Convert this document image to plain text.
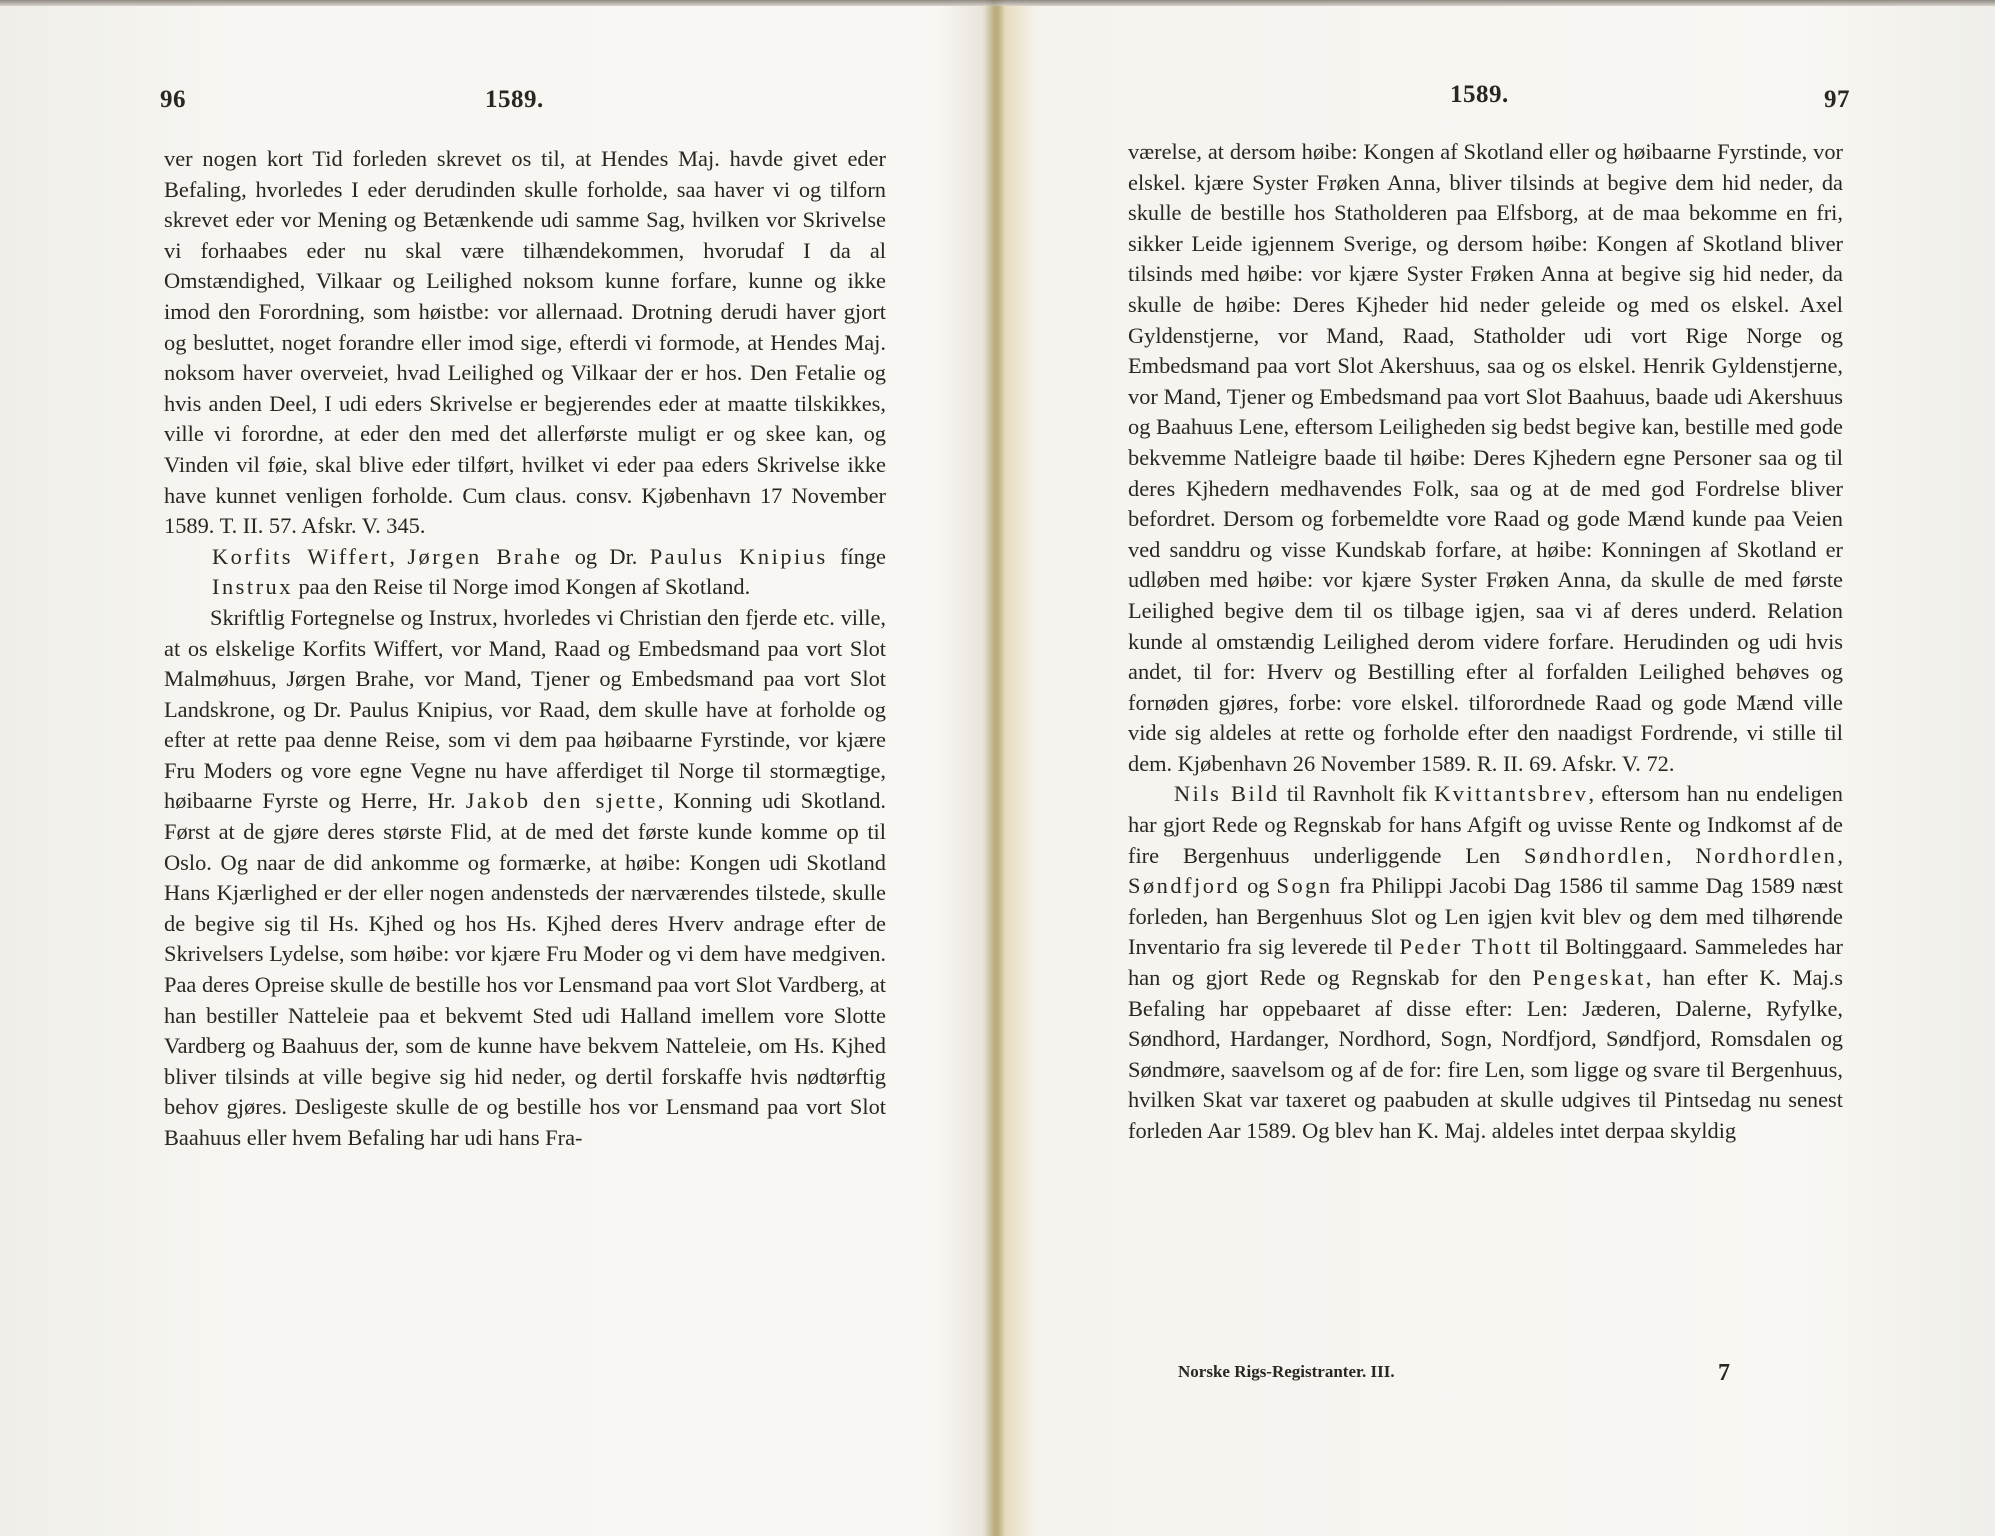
96	1589.

ver nogen kort Tid forleden skrevet os til, at Hendes Maj. havde givet eder Befaling, hvorledes I eder derudinden skulle forholde, saa haver vi og tilforn skrevet eder vor Mening og Betænkende udi samme Sag, hvilken vor Skrivelse vi forhaabes eder nu skal være tilhændekommen, hvorudaf I da al Omstændighed, Vilkaar og Leilighed noksom kunne forfare, kunne og ikke imod den Forordning, som høistbe: vor allernaad. Drotning derudi haver gjort og besluttet, noget forandre eller imod sige, efterdi vi formode, at Hendes Maj. noksom haver overveiet, hvad Leilighed og Vilkaar der er hos. Den Fetalie og hvis anden Deel, I udi eders Skrivelse er begjerendes eder at maatte tilskikkes, ville vi forordne, at eder den med det allerførste muligt er og skee kan, og Vinden vil føie, skal blive eder tilført, hvilket vi eder paa eders Skrivelse ikke have kunnet venligen forholde. Cum claus. consv. Kjøbenhavn 17 November 1589. T. II. 57. Afskr. V. 345.

Korfits Wiffert, Jørgen Brahe og Dr. Paulus Knipius fínge Instrux paa den Reise til Norge imod Kongen af Skotland.

Skriftlig Fortegnelse og Instrux, hvorledes vi Christian den fjerde etc. ville, at os elskelige Korfits Wiffert, vor Mand, Raad og Embedsmand paa vort Slot Malmøhuus, Jørgen Brahe, vor Mand, Tjener og Embedsmand paa vort Slot Landskrone, og Dr. Paulus Knipius, vor Raad, dem skulle have at forholde og efter at rette paa denne Reise, som vi dem paa høibaarne Fyrstinde, vor kjære Fru Moders og vore egne Vegne nu have afferdiget til Norge til stormægtige, høibaarne Fyrste og Herre, Hr. Jakob den sjette, Konning udi Skotland. Først at de gjøre deres største Flid, at de med det første kunde komme op til Oslo. Og naar de did ankomme og formærke, at høibe: Kongen udi Skotland Hans Kjærlighed er der eller nogen andensteds der nærværendes tilstede, skulle de begive sig til Hs. Kjhed og hos Hs. Kjhed deres Hverv andrage efter de Skrivelsers Lydelse, som høibe: vor kjære Fru Moder og vi dem have medgiven. Paa deres Opreise skulle de bestille hos vor Lensmand paa vort Slot Vardberg, at han bestiller Natteleie paa et bekvemt Sted udi Halland imellem vore Slotte Vardberg og Baahuus der, som de kunne have bekvem Natteleie, om Hs. Kjhed bliver tilsinds at ville begive sig hid neder, og dertil forskaffe hvis nødtørftig behov gjøres. Desligeste skulle de og bestille hos vor Lensmand paa vort Slot Baahuus eller hvem Befaling har udi hans Fra-

1589.	97

værelse, at dersom høibe: Kongen af Skotland eller og høibaarne Fyrstinde, vor elskel. kjære Syster Frøken Anna, bliver tilsinds at begive dem hid neder, da skulle de bestille hos Statholderen paa Elfsborg, at de maa bekomme en fri, sikker Leide igjennem Sverige, og dersom høibe: Kongen af Skotland bliver tilsinds med høibe: vor kjære Syster Frøken Anna at begive sig hid neder, da skulle de høibe: Deres Kjheder hid neder geleide og med os elskel. Axel Gyldenstjerne, vor Mand, Raad, Statholder udi vort Rige Norge og Embedsmand paa vort Slot Akershuus, saa og os elskel. Henrik Gyldenstjerne, vor Mand, Tjener og Embedsmand paa vort Slot Baahuus, baade udi Akershuus og Baahuus Lene, eftersom Leiligheden sig bedst begive kan, bestille med gode bekvemme Natleigre baade til høibe: Deres Kjhedern egne Personer saa og til deres Kjhedern medhavendes Folk, saa og at de med god Fordrelse bliver befordret. Dersom og forbemeldte vore Raad og gode Mænd kunde paa Veien ved sanddru og visse Kundskab forfare, at høibe: Konningen af Skotland er udløben med høibe: vor kjære Syster Frøken Anna, da skulle de med første Leilighed begive dem til os tilbage igjen, saa vi af deres underd. Relation kunde al omstændig Leilighed derom videre forfare. Herudinden og udi hvis andet, til for: Hverv og Bestilling efter al forfalden Leilighed behøves og fornøden gjøres, forbe: vore elskel. tilforordnede Raad og gode Mænd ville vide sig aldeles at rette og forholde efter den naadigst Fordrende, vi stille til dem. Kjøbenhavn 26 November 1589. R. II. 69. Afskr. V. 72.

Nils Bild til Ravnholt fik Kvittantsbrev, eftersom han nu endeligen har gjort Rede og Regnskab for hans Afgift og uvisse Rente og Indkomst af de fire Bergenhuus underliggende Len Søndhordlen, Nordhordlen, Søndfjord og Sogn fra Philippi Jacobi Dag 1586 til samme Dag 1589 næst forleden, han Bergenhuus Slot og Len igjen kvit blev og dem med tilhørende Inventario fra sig leverede til Peder Thott til Boltinggaard. Sammeledes har han og gjort Rede og Regnskab for den Pengeskat, han efter K. Maj.s Befaling har oppebaaret af disse efter: Len: Jæderen, Dalerne, Ryfylke, Søndhord, Hardanger, Nordhord, Sogn, Nordfjord, Søndfjord, Romsdalen og Søndmøre, saavelsom og af de for: fire Len, som ligge og svare til Bergenhuus, hvilken Skat var taxeret og paabuden at skulle udgives til Pintsedag nu senest forleden Aar 1589. Og blev han K. Maj. aldeles intet derpaa skyldig

Norske Rigs-Registranter. III.	7
